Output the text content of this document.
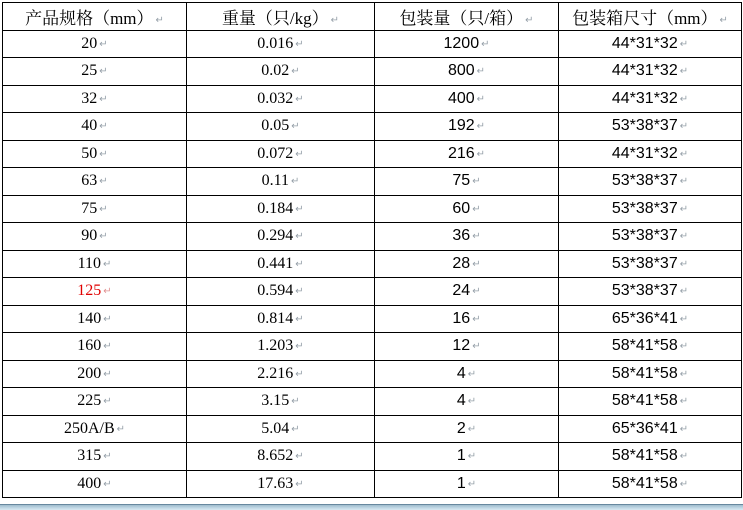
产品规格（mm） ↵	重量（只/kg） ↵	包装量（只/箱） ↵	包装箱尺寸（mm） ↵
20 ↵	0.016 ↵	1200 ↵	44*31*32 ↵
25 ↵	0.02 ↵	800 ↵	44*31*32 ↵
32 ↵	0.032 ↵	400 ↵	44*31*32 ↵
40 ↵	0.05 ↵	192 ↵	53*38*37 ↵
50 ↵	0.072 ↵	216 ↵	44*31*32 ↵
63 ↵	0.11 ↵	75 ↵	53*38*37 ↵
75 ↵	0.184 ↵	60 ↵	53*38*37 ↵
90 ↵	0.294 ↵	36 ↵	53*38*37 ↵
110 ↵	0.441 ↵	28 ↵	53*38*37 ↵
125 ↵	0.594 ↵	24 ↵	53*38*37 ↵
140 ↵	0.814 ↵	16 ↵	65*36*41 ↵
160 ↵	1.203 ↵	12 ↵	58*41*58 ↵
200 ↵	2.216 ↵	4 ↵	58*41*58 ↵
225 ↵	3.15 ↵	4 ↵	58*41*58 ↵
250A/B ↵	5.04 ↵	2 ↵	65*36*41 ↵
315 ↵	8.652 ↵	1 ↵	58*41*58 ↵
400 ↵	17.63 ↵	1 ↵	58*41*58 ↵
